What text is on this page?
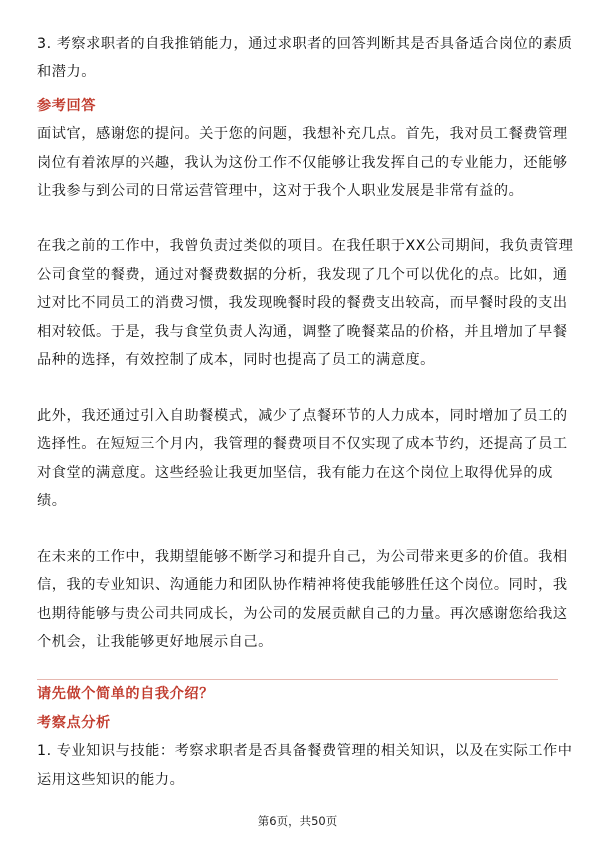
3. 考察求职者的自我推销能力，通过求职者的回答判断其是否具备适合岗位的素质
和潜力。
参考回答
面试官，感谢您的提问。关于您的问题，我想补充几点。首先，我对员工餐费管理
岗位有着浓厚的兴趣，我认为这份工作不仅能够让我发挥自己的专业能力，还能够
让我参与到公司的日常运营管理中，这对于我个人职业发展是非常有益的。
在我之前的工作中，我曾负责过类似的项目。在我任职于XX公司期间，我负责管理
公司食堂的餐费，通过对餐费数据的分析，我发现了几个可以优化的点。比如，通
过对比不同员工的消费习惯，我发现晚餐时段的餐费支出较高，而早餐时段的支出
相对较低。于是，我与食堂负责人沟通，调整了晚餐菜品的价格，并且增加了早餐
品种的选择，有效控制了成本，同时也提高了员工的满意度。
此外，我还通过引入自助餐模式，减少了点餐环节的人力成本，同时增加了员工的
选择性。在短短三个月内，我管理的餐费项目不仅实现了成本节约，还提高了员工
对食堂的满意度。这些经验让我更加坚信，我有能力在这个岗位上取得优异的成
绩。
在未来的工作中，我期望能够不断学习和提升自己，为公司带来更多的价值。我相
信，我的专业知识、沟通能力和团队协作精神将使我能够胜任这个岗位。同时，我
也期待能够与贵公司共同成长，为公司的发展贡献自己的力量。再次感谢您给我这
个机会，让我能够更好地展示自己。
请先做个简单的自我介绍？
考察点分析
1. 专业知识与技能：考察求职者是否具备餐费管理的相关知识，以及在实际工作中
运用这些知识的能力。
第6页，共50页
